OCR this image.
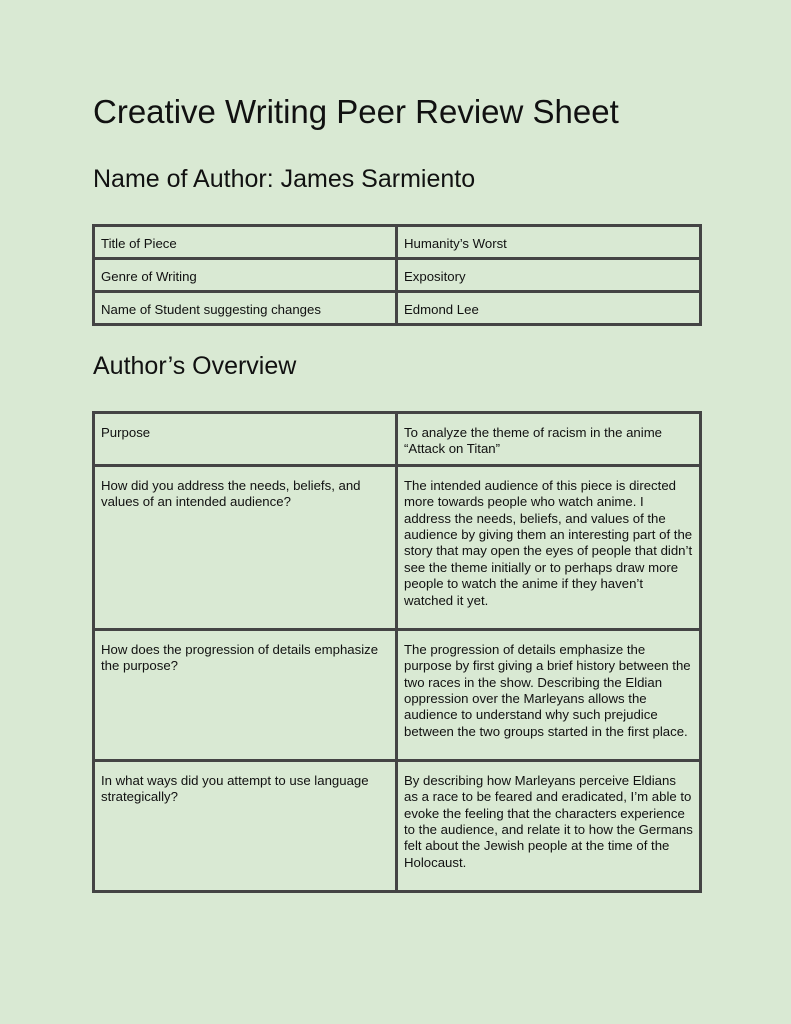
Creative Writing Peer Review Sheet
Name of Author: James Sarmiento
Title of Piece	Humanity’s Worst
Genre of Writing	Expository
Name of Student suggesting changes	Edmond Lee
Author’s Overview
Purpose	To analyze the theme of racism in the anime “Attack on Titan”
How did you address the needs, beliefs, and values of an intended audience?	The intended audience of this piece is directed more towards people who watch anime. I address the needs, beliefs, and values of the audience by giving them an interesting part of the story that may open the eyes of people that didn’t see the theme initially or to perhaps draw more people to watch the anime if they haven’t watched it yet.
How does the progression of details emphasize the purpose?	The progression of details emphasize the purpose by first giving a brief history between the two races in the show. Describing the Eldian oppression over the Marleyans allows the audience to understand why such prejudice between the two groups started in the first place.
In what ways did you attempt to use language strategically?	By describing how Marleyans perceive Eldians as a race to be feared and eradicated, I’m able to evoke the feeling that the characters experience to the audience, and relate it to how the Germans felt about the Jewish people at the time of the Holocaust.
